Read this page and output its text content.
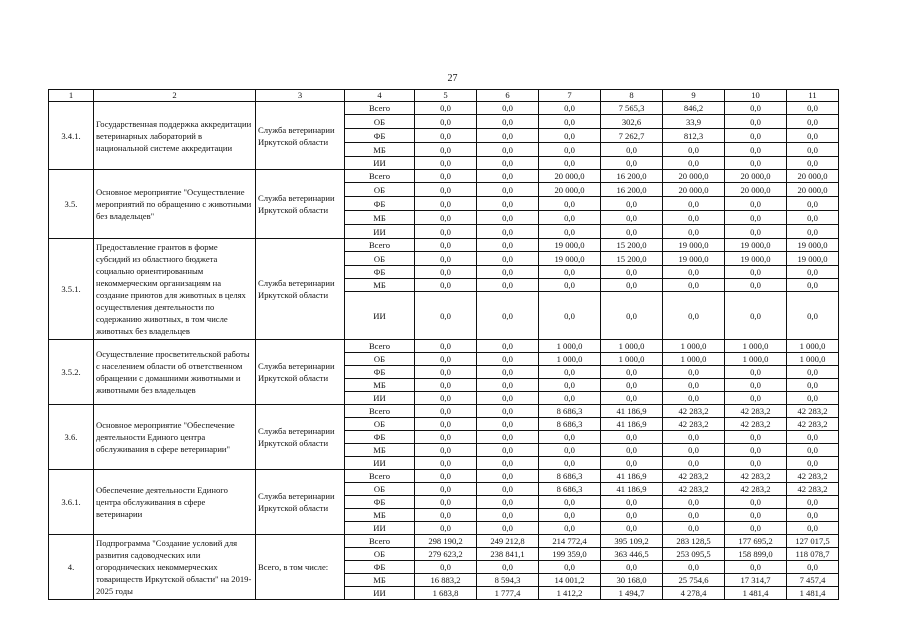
27
1	2	3	4	5	6	7	8	9	10	11
3.4.1.	Государственная поддержка аккредитации ветеринарных лабораторий в национальной системе аккредитации	Служба ветеринарии Иркутской области	Всего	0,0	0,0	0,0	7 565,3	846,2	0,0	0,0
			ОБ	0,0	0,0	0,0	302,6	33,9	0,0	0,0
			ФБ	0,0	0,0	0,0	7 262,7	812,3	0,0	0,0
			МБ	0,0	0,0	0,0	0,0	0,0	0,0	0,0
			ИИ	0,0	0,0	0,0	0,0	0,0	0,0	0,0
3.5.	Основное мероприятие "Осуществление мероприятий по обращению с животными без владельцев"	Служба ветеринарии Иркутской области	Всего	0,0	0,0	20 000,0	16 200,0	20 000,0	20 000,0	20 000,0
			ОБ	0,0	0,0	20 000,0	16 200,0	20 000,0	20 000,0	20 000,0
			ФБ	0,0	0,0	0,0	0,0	0,0	0,0	0,0
			МБ	0,0	0,0	0,0	0,0	0,0	0,0	0,0
			ИИ	0,0	0,0	0,0	0,0	0,0	0,0	0,0
3.5.1.	Предоставление грантов в форме субсидий из областного бюджета социально ориентированным некоммерческим организациям на создание приютов для животных в целях осуществления деятельности по содержанию животных, в том числе животных без владельцев	Служба ветеринарии Иркутской области	Всего	0,0	0,0	19 000,0	15 200,0	19 000,0	19 000,0	19 000,0
			ОБ	0,0	0,0	19 000,0	15 200,0	19 000,0	19 000,0	19 000,0
			ФБ	0,0	0,0	0,0	0,0	0,0	0,0	0,0
			МБ	0,0	0,0	0,0	0,0	0,0	0,0	0,0
			ИИ	0,0	0,0	0,0	0,0	0,0	0,0	0,0
3.5.2.	Осуществление просветительской работы с населением области об ответственном обращении с домашними животными и животными без владельцев	Служба ветеринарии Иркутской области	Всего	0,0	0,0	1 000,0	1 000,0	1 000,0	1 000,0	1 000,0
			ОБ	0,0	0,0	1 000,0	1 000,0	1 000,0	1 000,0	1 000,0
			ФБ	0,0	0,0	0,0	0,0	0,0	0,0	0,0
			МБ	0,0	0,0	0,0	0,0	0,0	0,0	0,0
			ИИ	0,0	0,0	0,0	0,0	0,0	0,0	0,0
3.6.	Основное мероприятие "Обеспечение деятельности Единого центра обслуживания в сфере ветеринарии"	Служба ветеринарии Иркутской области	Всего	0,0	0,0	8 686,3	41 186,9	42 283,2	42 283,2	42 283,2
			ОБ	0,0	0,0	8 686,3	41 186,9	42 283,2	42 283,2	42 283,2
			ФБ	0,0	0,0	0,0	0,0	0,0	0,0	0,0
			МБ	0,0	0,0	0,0	0,0	0,0	0,0	0,0
			ИИ	0,0	0,0	0,0	0,0	0,0	0,0	0,0
3.6.1.	Обеспечение деятельности Единого центра обслуживания в сфере ветеринарии	Служба ветеринарии Иркутской области	Всего	0,0	0,0	8 686,3	41 186,9	42 283,2	42 283,2	42 283,2
			ОБ	0,0	0,0	8 686,3	41 186,9	42 283,2	42 283,2	42 283,2
			ФБ	0,0	0,0	0,0	0,0	0,0	0,0	0,0
			МБ	0,0	0,0	0,0	0,0	0,0	0,0	0,0
			ИИ	0,0	0,0	0,0	0,0	0,0	0,0	0,0
4.	Подпрограмма "Создание условий для развития садоводческих или огороднических некоммерческих товариществ Иркутской области" на 2019-2025 годы	Всего, в том числе:	Всего	298 190,2	249 212,8	214 772,4	395 109,2	283 128,5	177 695,2	127 017,5
			ОБ	279 623,2	238 841,1	199 359,0	363 446,5	253 095,5	158 899,0	118 078,7
			ФБ	0,0	0,0	0,0	0,0	0,0	0,0	0,0
			МБ	16 883,2	8 594,3	14 001,2	30 168,0	25 754,6	17 314,7	7 457,4
			ИИ	1 683,8	1 777,4	1 412,2	1 494,7	4 278,4	1 481,4	1 481,4
